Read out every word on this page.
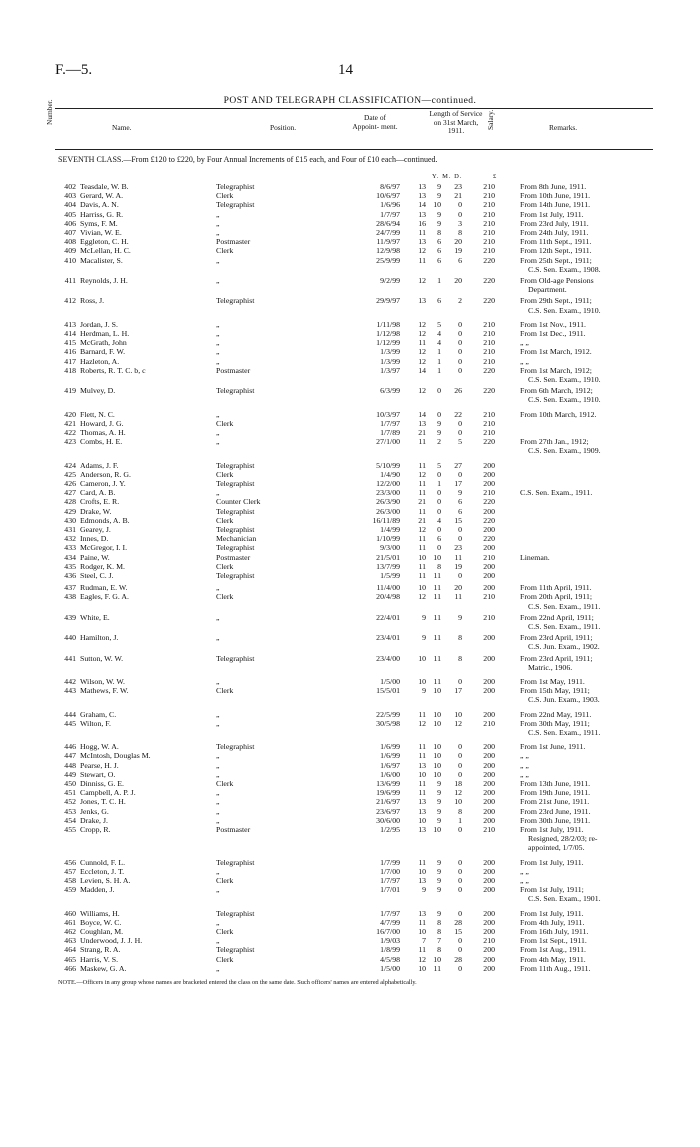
F.—5.	14
POST AND TELEGRAPH CLASSIFICATION—continued.
Number.
Name.	Position.
Date of Appoint- ment.
Length of Service on 31st March, 1911.
Salary.	Remarks.
SEVENTH CLASS.—From £120 to £220, by Four Annual Increments of £15 each, and Four of £10 each—continued.
Y. M. D.	£
402 Teasdale, W. B.	Telegraphist	8/6/97	13	9	23	210	From 8th June, 1911.
403 Gerard, W. A.	Clerk	10/6/97	13	9	21	210	From 10th June, 1911.
404 Davis, A. N.	Telegraphist	1/6/96	14 10	0	210	From 14th June, 1911.
405 Harriss, G. R.	„	1/7/97	13	9	0	210	From 1st July, 1911.
406 Syms, F. M.	„	28/6/94	16	9	3	210	From 23rd July, 1911.
407 Vivian, W. E.	„	24/7/99	11	8	8	210	From 24th July, 1911.
408 Eggleton, C. H.	Postmaster	11/9/97	13	6	20	210	From 11th Sept., 1911.
409 McLellan, H. C.	Clerk	12/9/98	12	6	19	210	From 12th Sept., 1911.
410 Macalister, S.	„	25/9/99	11	6	6	220	From 25th Sept., 1911;
C.S. Sen. Exam., 1908.
411 Reynolds, J. H.	„	9/2/99	12	1	20	220	From Old-age Pensions
Department.
412 Ross, J.	Telegraphist	29/9/97	13	6	2	220	From 29th Sept., 1911;
C.S. Sen. Exam., 1910.
413 Jordan, J. S.	„	1/11/98	12	5	0	210	From 1st Nov., 1911.
414 Herdman, L. H.	„	1/12/98	12	4	0	210	From 1st Dec., 1911.
415 McGrath, John	„	1/12/99	11	4	0	210	„ „
416 Barnard, F. W.	„	1/3/99	12	1	0	210	From 1st March, 1912.
417 Hazleton, A.	„	1/3/99	12	1	0	210	„ „
418 Roberts, R. T. C. b, c	Postmaster	1/3/97	14	1	0	220	From 1st March, 1912;
C.S. Sen. Exam., 1910.
419 Mulvey, D.	Telegraphist	6/3/99	12	0	26	220	From 6th March, 1912;
C.S. Sen. Exam., 1910.
420 Flett, N. C.	„	10/3/97	14	0	22	210	From 10th March, 1912.
421 Howard, J. G.	Clerk	1/7/97	13	9	0	210
422 Thomas, A. H.	„	1/7/89	21	9	0	210
423 Combs, H. E.	„	27/1/00	11	2	5	220	From 27th Jan., 1912;
C.S. Sen. Exam., 1909.
424 Adams, J. F.	Telegraphist	5/10/99	11	5	27	200
425 Anderson, R. G.	Clerk	1/4/90	12	0	0	200
426 Cameron, J. Y.	Telegraphist	12/2/00	11	1	17	200
427 Card, A. B.	„	23/3/00	11	0	9	210	C.S. Sen. Exam., 1911.
428 Crofts, E. R.	Counter Clerk	26/3/90	21	0	6	220
429 Drake, W.	Telegraphist	26/3/00	11	0	6	200
430 Edmonds, A. B.	Clerk	16/11/89	21	4	15	220
431 Gearey, J.	Telegraphist	1/4/99	12	0	0	200
432 Innes, D.	Mechanician	1/10/99	11	6	0	220
433 McGregor, I. I.	Telegraphist	9/3/00	11	0	23	200
434 Paine, W.	Postmaster	21/5/01	10 10	11	210	Lineman.
435 Rodger, K. M.	Clerk	13/7/99	11	8	19	200
436 Steel, C. J.	Telegraphist	1/5/99	11 11	0	200
437 Rudman, E. W.	„	11/4/00	10 11	20	200	From 11th April, 1911.
438 Eagles, F. G. A.	Clerk	20/4/98	12 11	11	210	From 20th April, 1911;
C.S. Sen. Exam., 1911.
439 White, E.	„	22/4/01	9 11	9	210	From 22nd April, 1911;
C.S. Sen. Exam., 1911.
440 Hamilton, J.	„	23/4/01	9 11	8	200	From 23rd April, 1911;
C.S. Jun. Exam., 1902.
441 Sutton, W. W.	Telegraphist	23/4/00	10 11	8	200	From 23rd April, 1911;
Matric., 1906.
442 Wilson, W. W.	„	1/5/00	10 11	0	200	From 1st May, 1911.
443 Mathews, F. W.	Clerk	15/5/01	9 10	17	200	From 15th May, 1911;
C.S. Jun. Exam., 1903.
444 Graham, C.	„	22/5/99	11 10	10	200	From 22nd May, 1911.
445 Wilton, F.	„	30/5/98	12 10	12	210	From 30th May, 1911;
C.S. Sen. Exam., 1911.
446 Hogg, W. A.	Telegraphist	1/6/99	11 10	0	200	From 1st June, 1911.
447 McIntosh, Douglas M.	„	1/6/99	11 10	0	200	„ „
448 Pearse, H. J.	„	1/6/97	13 10	0	200	„ „
449 Stewart, O.	„	1/6/00	10 10	0	200	„ „
450 Dinniss, G. E.	Clerk	13/6/99	11	9	18	200	From 13th June, 1911.
451 Campbell, A. P. J.	„	19/6/99	11	9	12	200	From 19th June, 1911.
452 Jones, T. C. H.	„	21/6/97	13	9	10	200	From 21st June, 1911.
453 Jenks, G.	„	23/6/97	13	9	8	200	From 23rd June, 1911.
454 Drake, J.	„	30/6/00	10	9	1	200	From 30th June, 1911.
455 Cropp, R.	Postmaster	1/2/95	13 10	0	210	From 1st July, 1911.
Resigned, 28/2/03; re-
appointed, 1/7/05.
456 Cunnold, F. L.	Telegraphist	1/7/99	11	9	0	200	From 1st July, 1911.
457 Eccleton, J. T.	„	1/7/00	10	9	0	200	„ „
458 Levien, S. H. A.	Clerk	1/7/97	13	9	0	200	„ „
459 Madden, J.	„	1/7/01	9	9	0	200	From 1st July, 1911;
C.S. Sen. Exam., 1901.
460 Williams, H.	Telegraphist	1/7/97	13	9	0	200	From 1st July, 1911.
461 Boyce, W. C.	„	4/7/99	11	8	28	200	From 4th July, 1911.
462 Coughlan, M.	Clerk	16/7/00	10	8	15	200	From 16th July, 1911.
463 Underwood, J. J. H.	„	1/9/03	7	7	0	210	From 1st Sept., 1911.
464 Strang, R. A.	Telegraphist	1/8/99	11	8	0	200	From 1st Aug., 1911.
465 Harris, V. S.	Clerk	4/5/98	12 10	28	200	From 4th May, 1911.
466 Maskew, G. A.	„	1/5/00	10 11	0	200	From 11th Aug., 1911.
NOTE.—Officers in any group whose names are bracketed entered the class on the same date. Such officers' names are entered alphabetically.
